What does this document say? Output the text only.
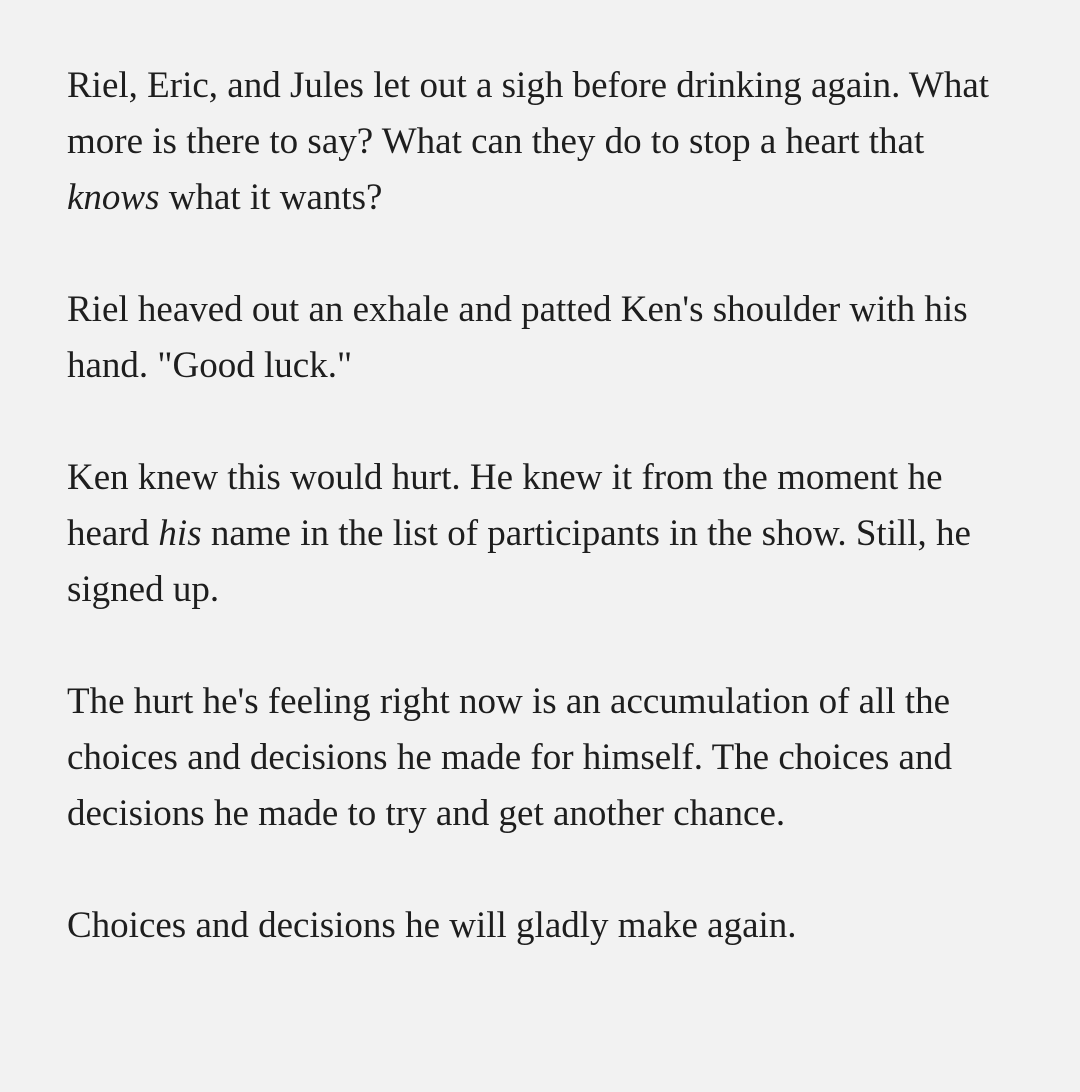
Riel, Eric, and Jules let out a sigh before drinking again. What more is there to say? What can they do to stop a heart that knows what it wants?

Riel heaved out an exhale and patted Ken's shoulder with his hand. "Good luck."

Ken knew this would hurt. He knew it from the moment he heard his name in the list of participants in the show. Still, he signed up.

The hurt he's feeling right now is an accumulation of all the choices and decisions he made for himself. The choices and decisions he made to try and get another chance.

Choices and decisions he will gladly make again.
